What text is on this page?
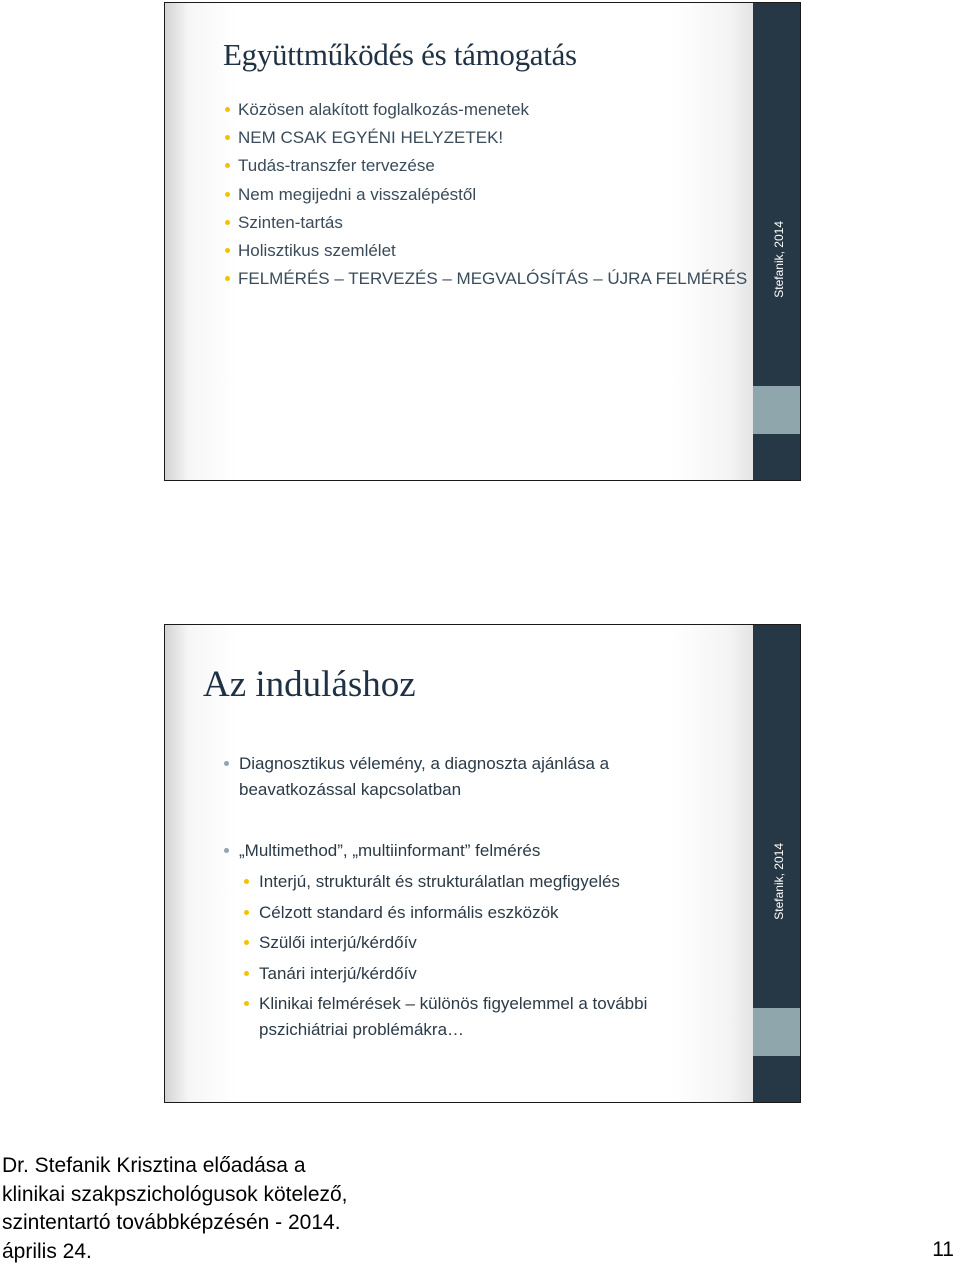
Stefanik, 2014
Együttműködés és támogatás
Közösen alakított foglalkozás-menetek
NEM CSAK EGYÉNI HELYZETEK!
Tudás-transzfer tervezése
Nem megijedni a visszalépéstől
Szinten-tartás
Holisztikus szemlélet
FELMÉRÉS – TERVEZÉS – MEGVALÓSÍTÁS – ÚJRA FELMÉRÉS
Stefanik, 2014
Az induláshoz
Diagnosztikus vélemény, a diagnoszta ajánlása a
beavatkozással kapcsolatban
„Multimethod”, „multiinformant” felmérés
Interjú, strukturált és strukturálatlan megfigyelés
Célzott standard és informális eszközök
Szülői interjú/kérdőív
Tanári interjú/kérdőív
Klinikai felmérések – különös figyelemmel a további
pszichiátriai problémákra…
Dr. Stefanik Krisztina előadása a
klinikai szakpszichológusok kötelező,
szintentartó továbbképzésén - 2014.
április 24.	11
